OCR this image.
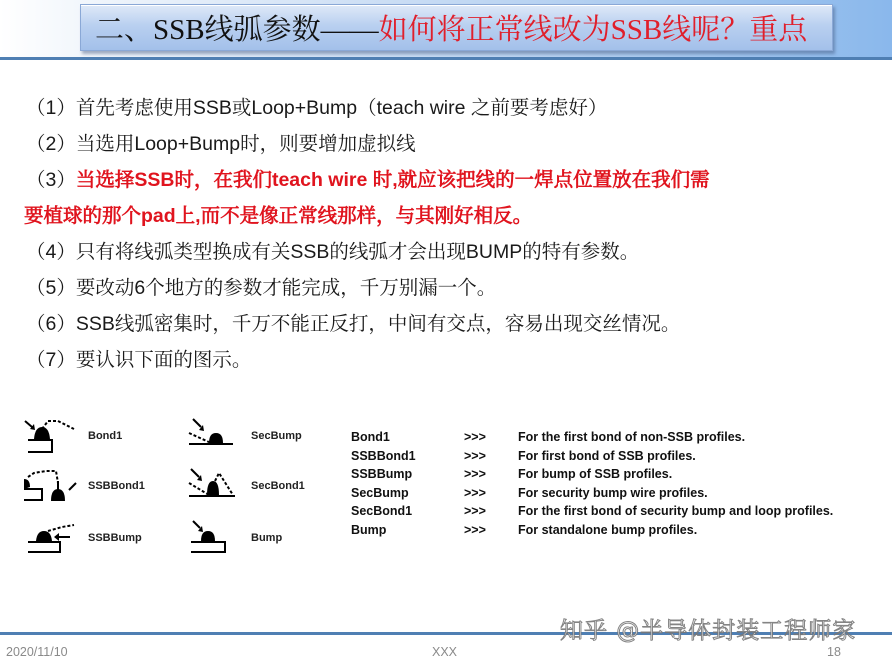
二、SSB线弧参数—— 如何将正常线改为SSB线呢？重点
（1）首先考虑使用SSB或Loop+Bump（teach wire 之前要考虑好）
（2）当选用Loop+Bump时，则要增加虚拟线
（3）当选择SSB时，在我们teach wire 时,就应该把线的一焊点位置放在我们需
要植球的那个pad上,而不是像正常线那样，与其刚好相反。
（4）只有将线弧类型换成有关SSB的线弧才会出现BUMP的特有参数。
（5）要改动6个地方的参数才能完成，千万别漏一个。
（6）SSB线弧密集时，千万不能正反打，中间有交点，容易出现交丝情况。
（7）要认识下面的图示。
Bond1
SSBBond1
SSBBump
SecBump
SecBond1
Bump
Bond1	>>>	For the first bond of non-SSB profiles.
SSBBond1	>>>	For first bond of SSB profiles.
SSBBump	>>>	For bump of SSB profiles.
SecBump	>>>	For security bump wire profiles.
SecBond1	>>>	For the first bond of security bump and loop profiles.
Bump	>>>	For standalone bump profiles.
知乎 @半导体封装工程师家
2020/11/10	XXX	18
